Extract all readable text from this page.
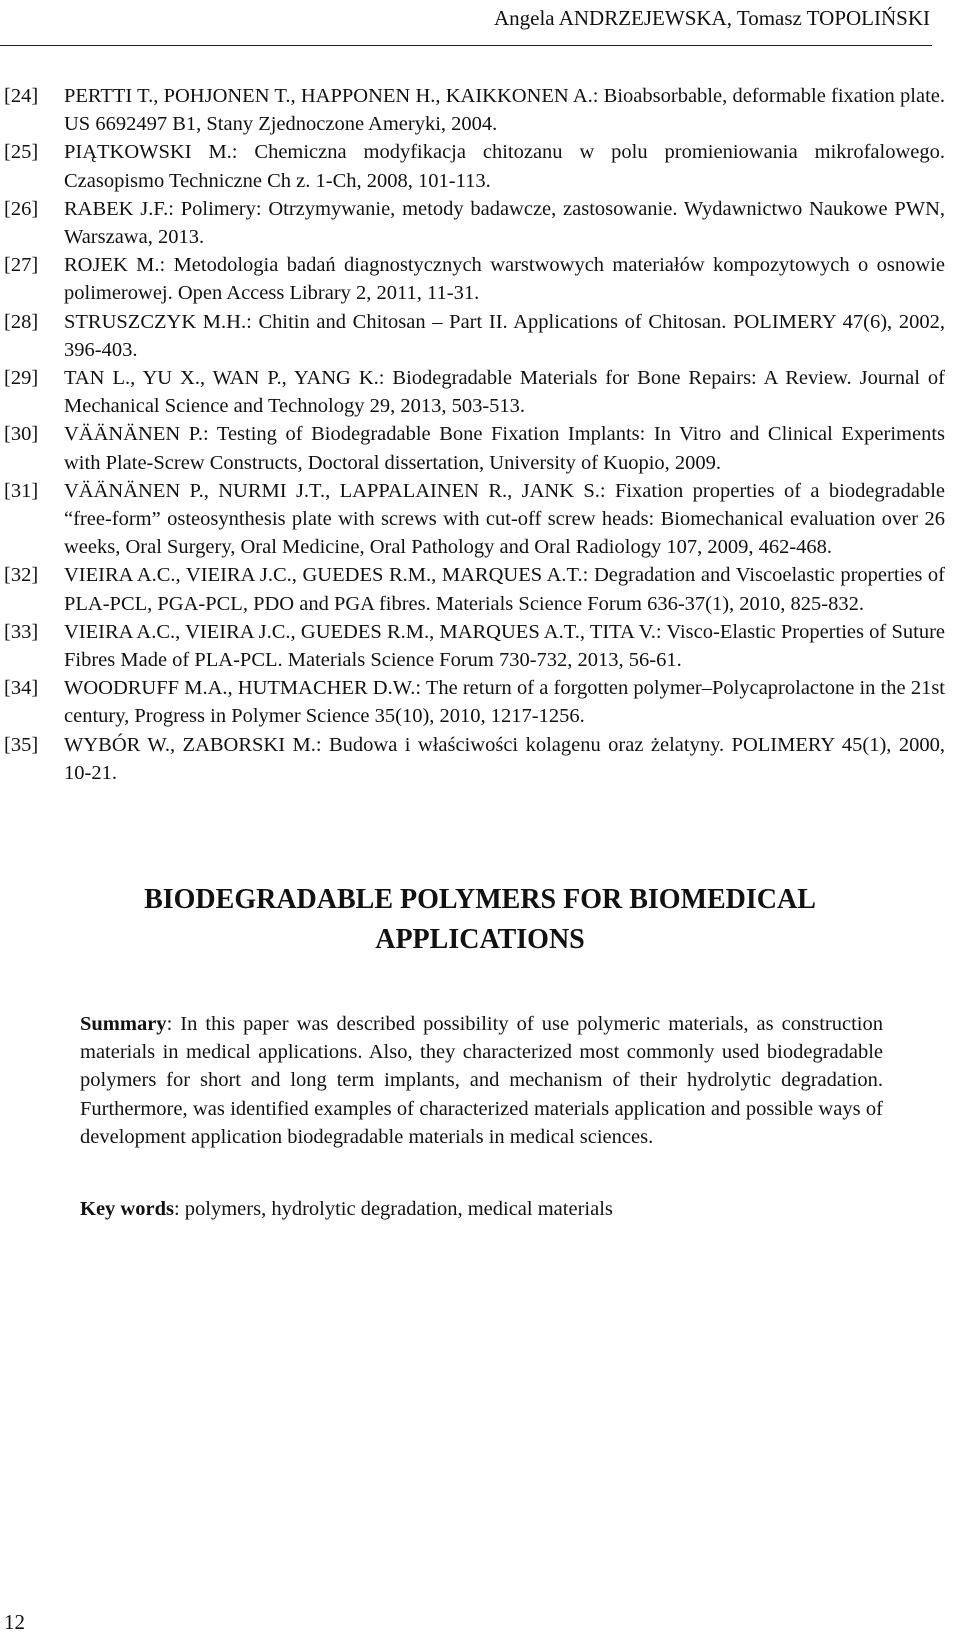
Angela ANDRZEJEWSKA, Tomasz TOPOLIŃSKI
[24] PERTTI T., POHJONEN T., HAPPONEN H., KAIKKONEN A.: Bioabsorbable, deformable fixation plate. US 6692497 B1, Stany Zjednoczone Ameryki, 2004.
[25] PIĄTKOWSKI M.: Chemiczna modyfikacja chitozanu w polu promieniowania mikrofalowego. Czasopismo Techniczne Ch z. 1-Ch, 2008, 101-113.
[26] RABEK J.F.: Polimery: Otrzymywanie, metody badawcze, zastosowanie. Wydawnictwo Naukowe PWN, Warszawa, 2013.
[27] ROJEK M.: Metodologia badań diagnostycznych warstwowych materiałów kompozytowych o osnowie polimerowej. Open Access Library 2, 2011, 11-31.
[28] STRUSZCZYK M.H.: Chitin and Chitosan – Part II. Applications of Chitosan. POLIMERY 47(6), 2002, 396-403.
[29] TAN L., YU X., WAN P., YANG K.: Biodegradable Materials for Bone Repairs: A Review. Journal of Mechanical Science and Technology 29, 2013, 503-513.
[30] VÄÄNÄNEN P.: Testing of Biodegradable Bone Fixation Implants: In Vitro and Clinical Experiments with Plate-Screw Constructs, Doctoral dissertation, University of Kuopio, 2009.
[31] VÄÄNÄNEN P., NURMI J.T., LAPPALAINEN R., JANK S.: Fixation properties of a biodegradable “free-form” osteosynthesis plate with screws with cut-off screw heads: Biomechanical evaluation over 26 weeks, Oral Surgery, Oral Medicine, Oral Pathology and Oral Radiology 107, 2009, 462-468.
[32] VIEIRA A.C., VIEIRA J.C., GUEDES R.M., MARQUES A.T.: Degradation and Viscoelastic properties of PLA-PCL, PGA-PCL, PDO and PGA fibres. Materials Science Forum 636-37(1), 2010, 825-832.
[33] VIEIRA A.C., VIEIRA J.C., GUEDES R.M., MARQUES A.T., TITA V.: Visco-Elastic Properties of Suture Fibres Made of PLA-PCL. Materials Science Forum 730-732, 2013, 56-61.
[34] WOODRUFF M.A., HUTMACHER D.W.: The return of a forgotten polymer–Polycaprolactone in the 21st century, Progress in Polymer Science 35(10), 2010, 1217-1256.
[35] WYBÓR W., ZABORSKI M.: Budowa i właściwości kolagenu oraz żelatyny. POLIMERY 45(1), 2000, 10-21.
BIODEGRADABLE POLYMERS FOR BIOMEDICAL APPLICATIONS

Summary: In this paper was described possibility of use polymeric materials, as construction materials in medical applications. Also, they characterized most commonly used biodegradable polymers for short and long term implants, and mechanism of their hydrolytic degradation. Furthermore, was identified examples of characterized materials application and possible ways of development application biodegradable materials in medical sciences.

Key words: polymers, hydrolytic degradation, medical materials

12
